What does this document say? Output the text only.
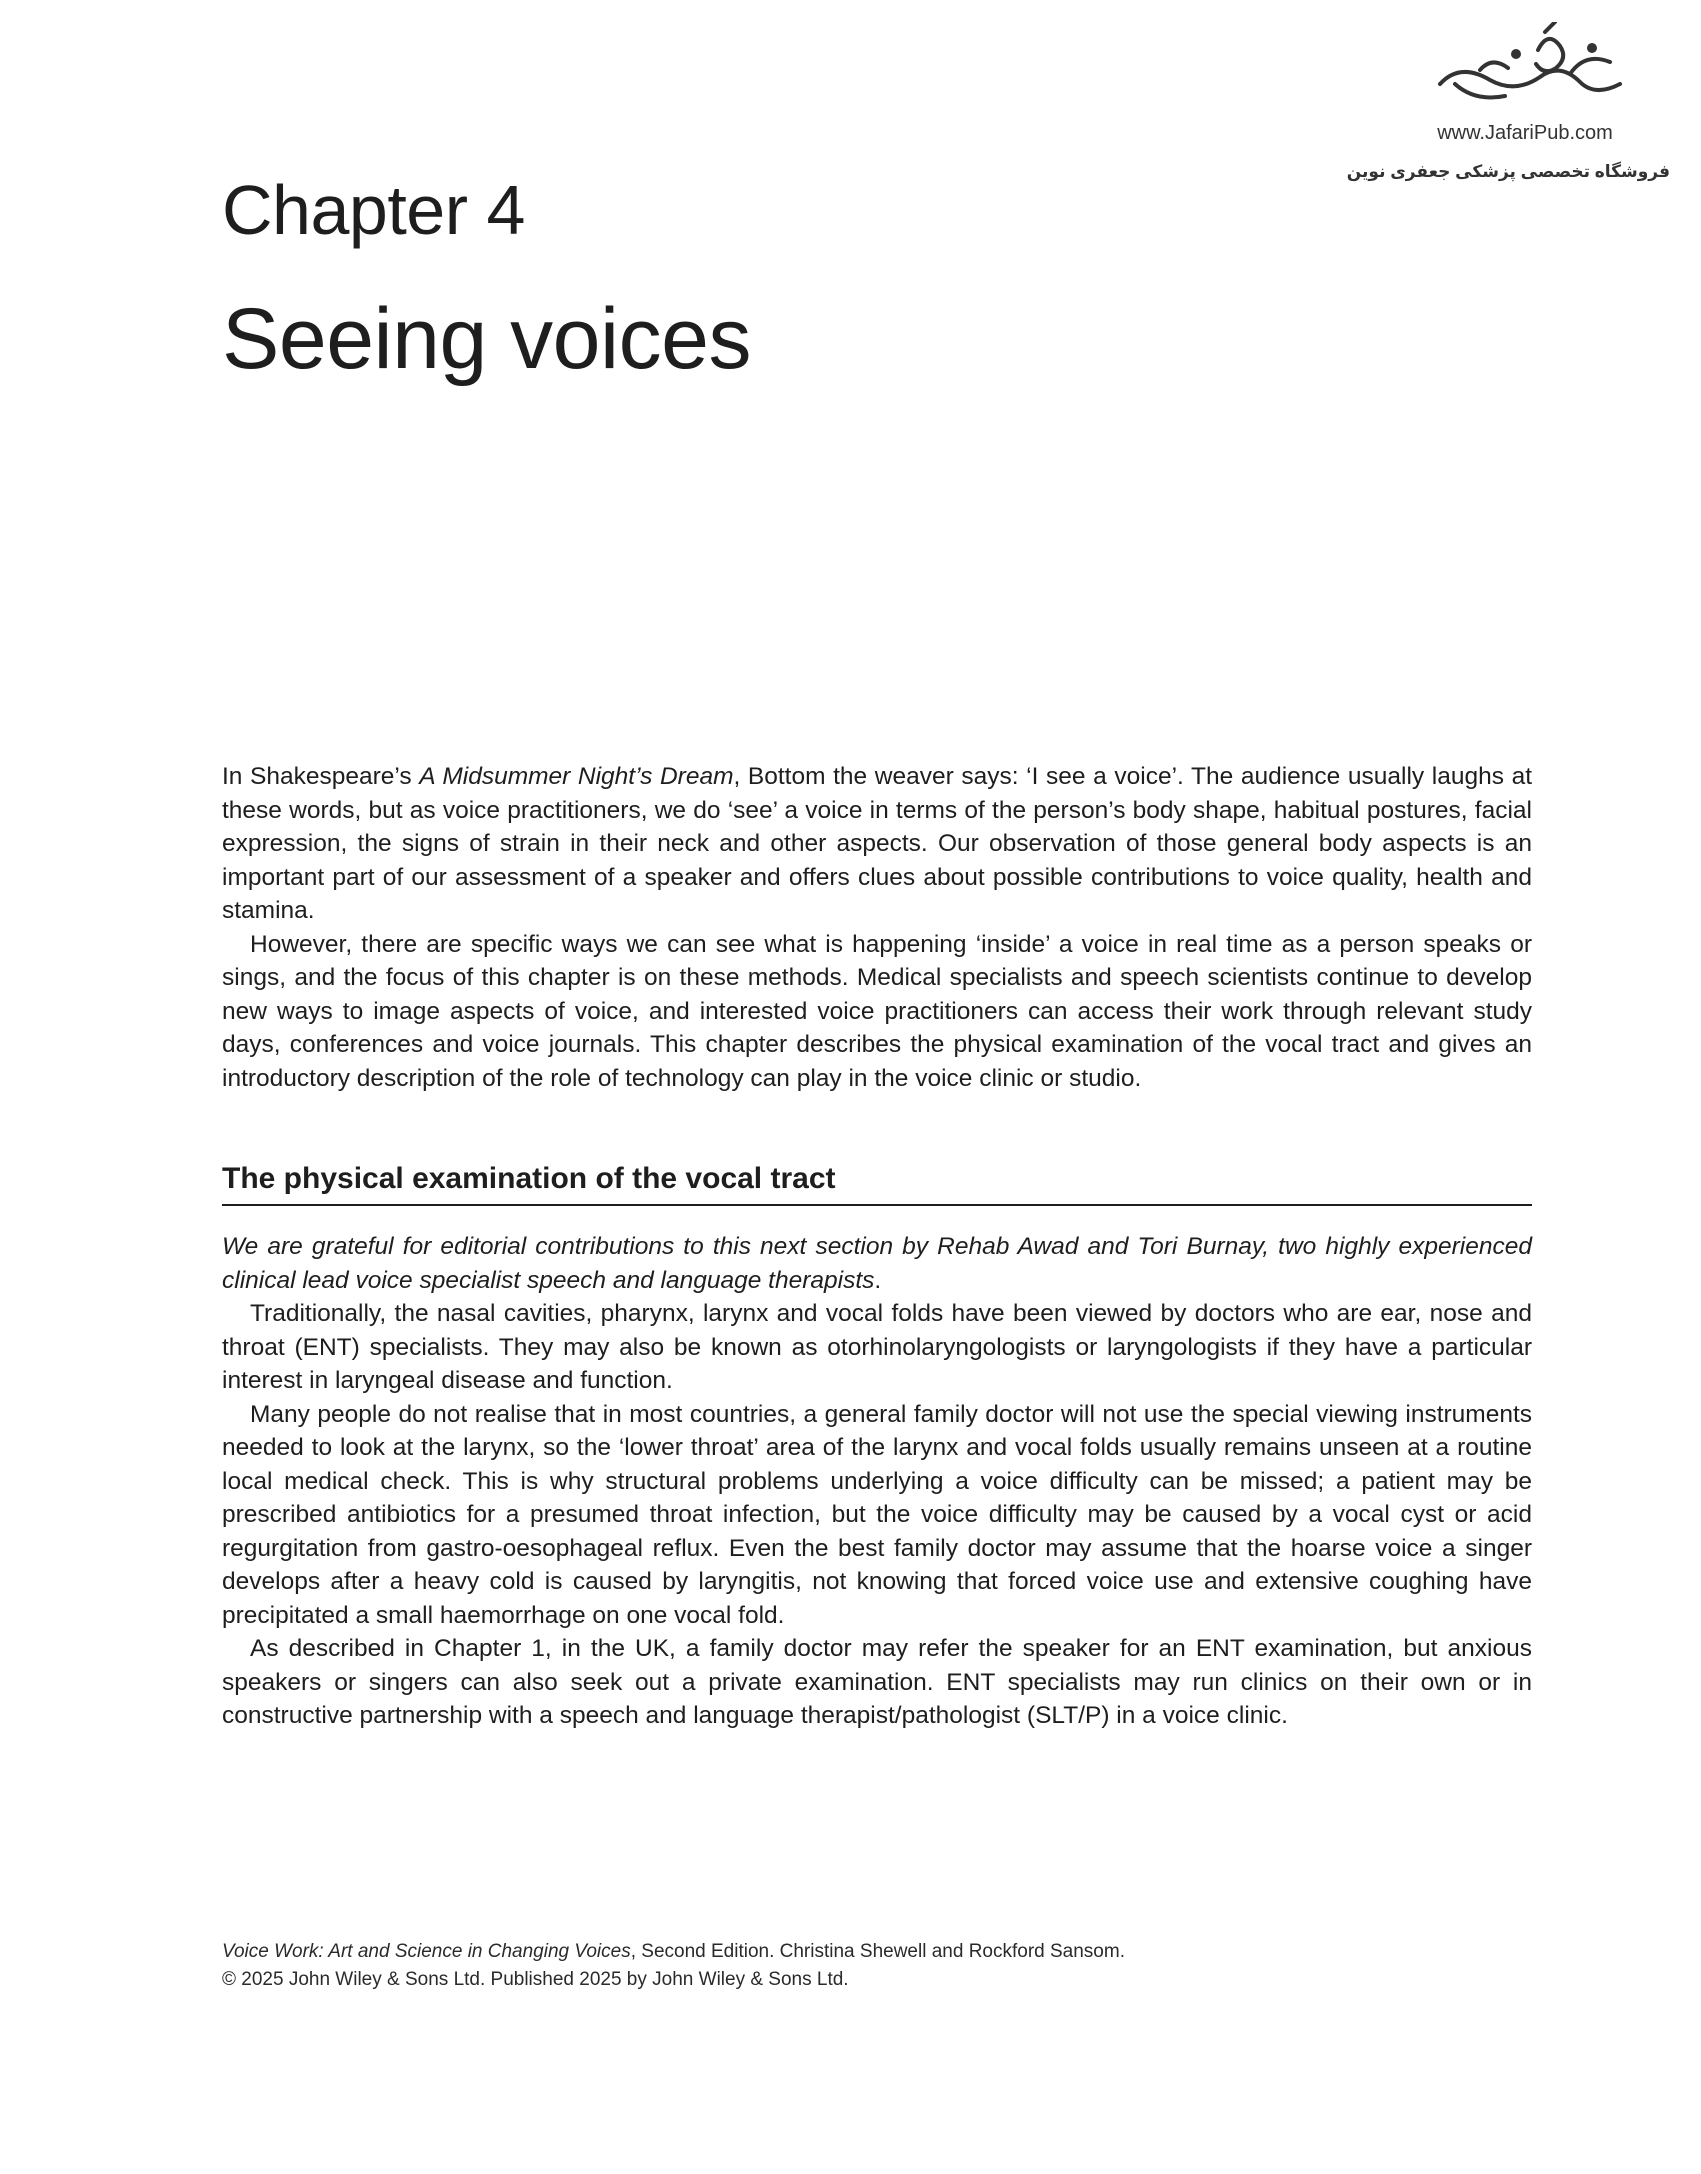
www.JafariPub.com
فروشگاه تخصصی پزشکی جعفری نوین
Chapter 4
Seeing voices

In Shakespeare’s A Midsummer Night’s Dream, Bottom the weaver says: ‘I see a voice’. The audience usually laughs at these words, but as voice practitioners, we do ‘see’ a voice in terms of the person’s body shape, habitual postures, facial expression, the signs of strain in their neck and other aspects. Our observation of those general body aspects is an important part of our assessment of a speaker and offers clues about possible contributions to voice quality, health and stamina.

However, there are specific ways we can see what is happening ‘inside’ a voice in real time as a person speaks or sings, and the focus of this chapter is on these methods. Medical specialists and speech scientists continue to develop new ways to image aspects of voice, and interested voice practitioners can access their work through relevant study days, conferences and voice journals. This chapter describes the physical examination of the vocal tract and gives an introductory description of the role of technology can play in the voice clinic or studio.

The physical examination of the vocal tract

We are grateful for editorial contributions to this next section by Rehab Awad and Tori Burnay, two highly experienced clinical lead voice specialist speech and language therapists.

Traditionally, the nasal cavities, pharynx, larynx and vocal folds have been viewed by doctors who are ear, nose and throat (ENT) specialists. They may also be known as otorhinolaryngologists or laryngologists if they have a particular interest in laryngeal disease and function.

Many people do not realise that in most countries, a general family doctor will not use the special viewing instruments needed to look at the larynx, so the ‘lower throat’ area of the larynx and vocal folds usually remains unseen at a routine local medical check. This is why structural problems underlying a voice difficulty can be missed; a patient may be prescribed antibiotics for a presumed throat infection, but the voice difficulty may be caused by a vocal cyst or acid regurgitation from gastro-oesophageal reflux. Even the best family doctor may assume that the hoarse voice a singer develops after a heavy cold is caused by laryngitis, not knowing that forced voice use and extensive coughing have precipitated a small haemorrhage on one vocal fold.

As described in Chapter 1, in the UK, a family doctor may refer the speaker for an ENT examination, but anxious speakers or singers can also seek out a private examination. ENT specialists may run clinics on their own or in constructive partnership with a speech and language therapist/pathologist (SLT/P) in a voice clinic.

Voice Work: Art and Science in Changing Voices, Second Edition. Christina Shewell and Rockford Sansom.

© 2025 John Wiley & Sons Ltd. Published 2025 by John Wiley & Sons Ltd.
